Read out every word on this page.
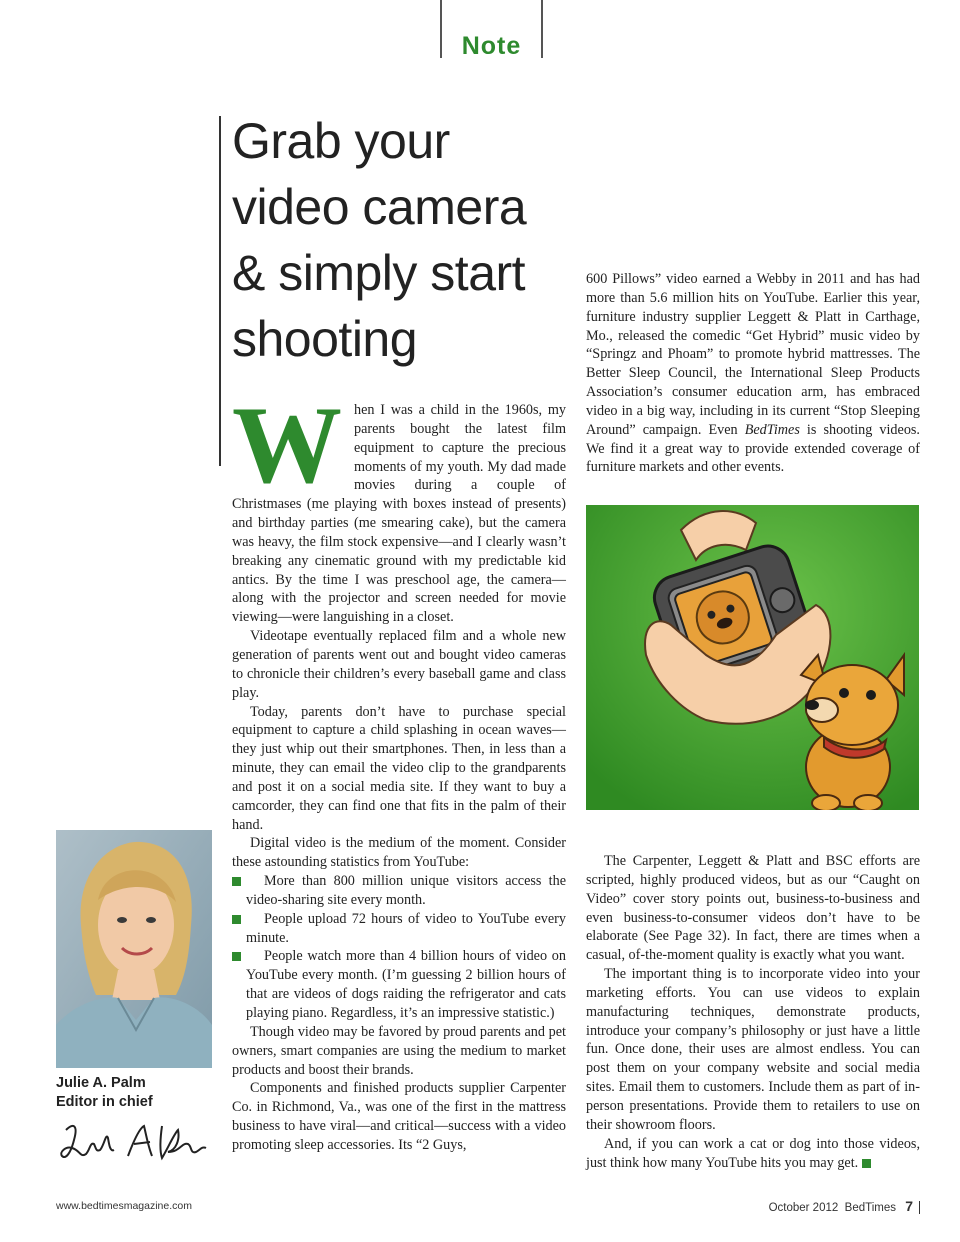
Note
Grab your
video camera
& simply start
shooting

When I was a child in the 1960s, my parents bought the latest film equipment to capture the precious moments of my youth. My dad made movies during a couple of Christmases (me playing with boxes instead of presents) and birthday parties (me smearing cake), but the camera was heavy, the film stock expensive—and I clearly wasn’t breaking any cinematic ground with my predictable kid antics. By the time I was preschool age, the camera—along with the projector and screen needed for movie viewing—were languishing in a closet.

Videotape eventually replaced film and a whole new generation of parents went out and bought video cameras to chronicle their children’s every baseball game and class play.

Today, parents don’t have to purchase special equipment to capture a child splashing in ocean waves—they just whip out their smartphones. Then, in less than a minute, they can email the video clip to the grandparents and post it on a social media site. If they want to buy a camcorder, they can find one that fits in the palm of their hand.

Digital video is the medium of the moment. Consider these astounding statistics from YouTube:

More than 800 million unique visitors access the video-sharing site every month.

People upload 72 hours of video to YouTube every minute.

People watch more than 4 billion hours of video on YouTube every month. (I’m guessing 2 billion hours of that are videos of dogs raiding the refrigerator and cats playing piano. Regardless, it’s an impressive statistic.)

Though video may be favored by proud parents and pet owners, smart companies are using the medium to market products and boost their brands.

Components and finished products supplier Carpenter Co. in Richmond, Va., was one of the first in the mattress business to have viral—and critical—success with a video promoting sleep accessories. Its “2 Guys,

600 Pillows” video earned a Webby in 2011 and has had more than 5.6 million hits on YouTube. Earlier this year, furniture industry supplier Leggett & Platt in Carthage, Mo., released the comedic “Get Hybrid” music video by “Springz and Phoam” to promote hybrid mattresses. The Better Sleep Council, the International Sleep Products Association’s consumer education arm, has embraced video in a big way, including in its current “Stop Sleeping Around” campaign. Even BedTimes is shooting videos. We find it a great way to provide extended coverage of furniture markets and other events.

The Carpenter, Leggett & Platt and BSC efforts are scripted, highly produced videos, but as our “Caught on Video” cover story points out, business-to-business and even business-to-consumer videos don’t have to be elaborate (See Page 32). In fact, there are times when a casual, of-the-moment quality is exactly what you want.

The important thing is to incorporate video into your marketing efforts. You can use videos to explain manufacturing techniques, demonstrate products, introduce your company’s philosophy or just have a little fun. Once done, their uses are almost endless. You can post them on your company website and social media sites. Email them to customers. Include them as part of in-person presentations. Provide them to retailers to use on their showroom floors.

And, if you can work a cat or dog into those videos, just think how many YouTube hits you may get.

Julie A. Palm
Editor in chief
www.bedtimesmagazine.com	October 2012 BedTimes 7
